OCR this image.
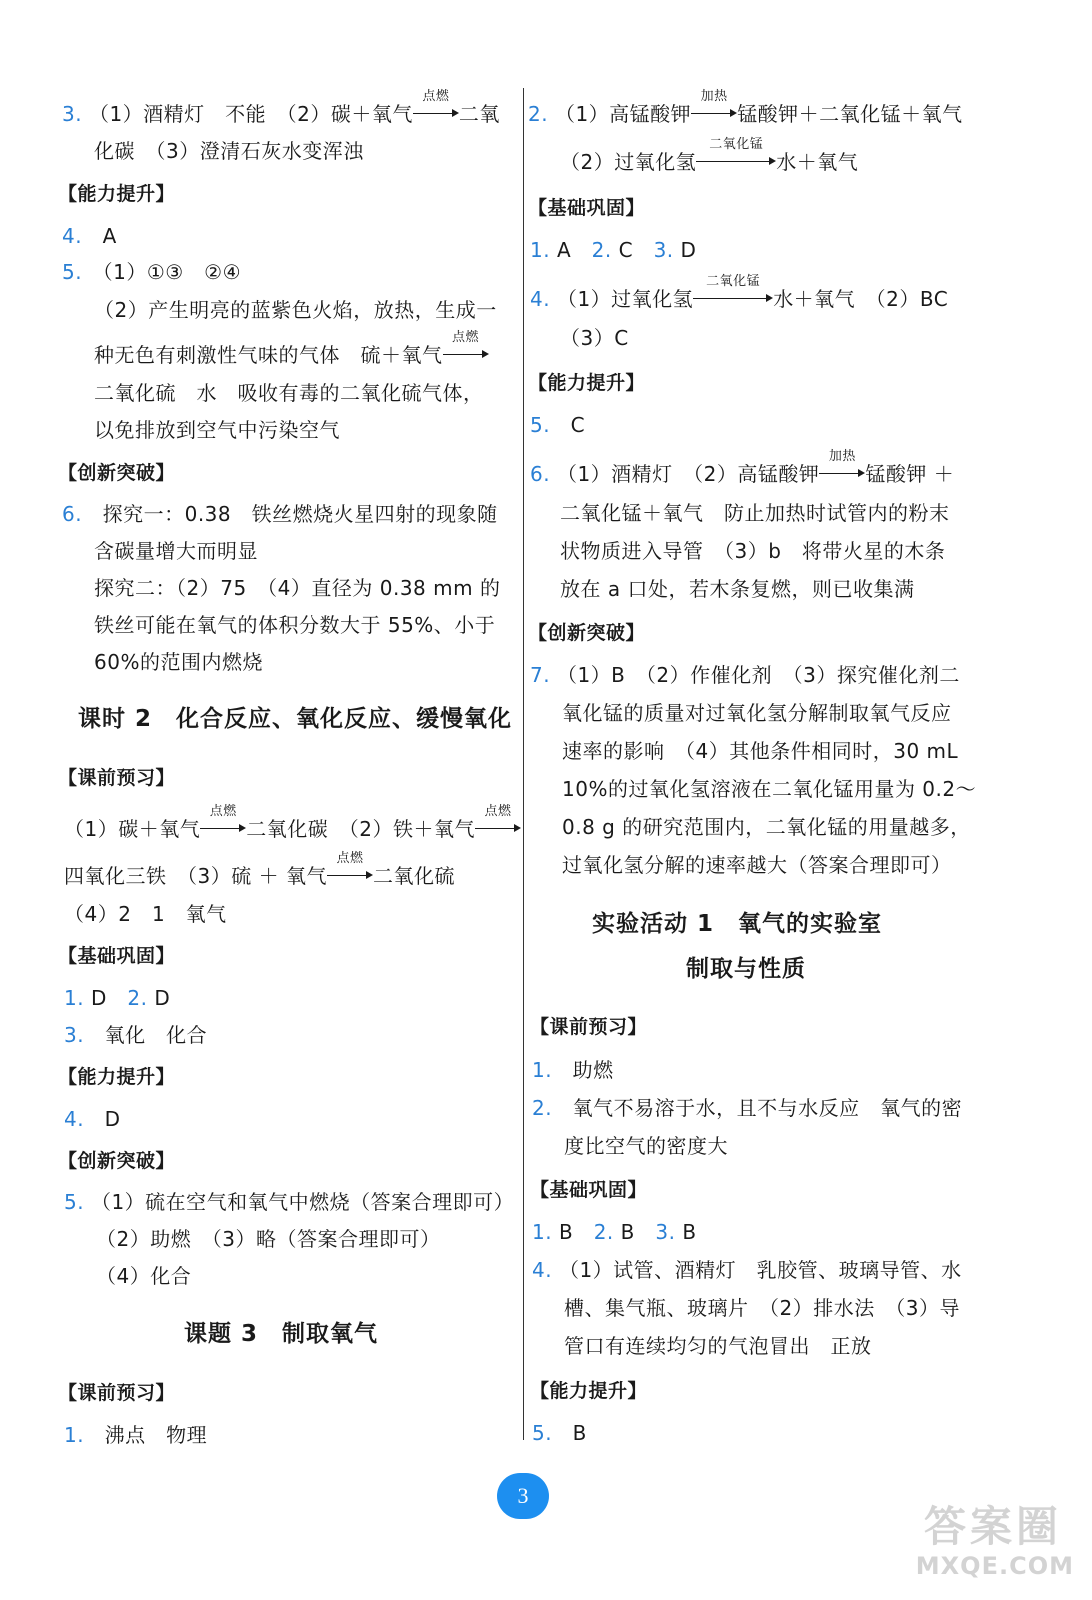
3. （1）酒精灯　不能　（2）碳＋氧气
点燃
二氧
化碳　（3）澄清石灰水变浑浊
【能力提升】
4.　 A
5.　 （1）①③　②④
（2）产生明亮的蓝紫色火焰，放热，生成一
种无色有刺激性气味的气体　硫＋氧气
点燃
二氧化硫　水　吸收有毒的二氧化硫气体，
以免排放到空气中污染空气
【创新突破】
6.　 探究一：0.38　铁丝燃烧火星四射的现象随
含碳量增大而明显
探究二：（2）75　（4）直径为 0.38 mm 的
铁丝可能在氧气的体积分数大于 55%、小于
60%的范围内燃烧
课时 2　化合反应、氧化反应、缓慢氧化
【课前预习】
（1）碳＋氧气
点燃
二氧化碳　（2）铁＋氧气
点燃
四氧化三铁　（3）硫 ＋ 氧气
点燃
二氧化硫
（4）2　1　氧气
【基础巩固】
1. D　 2. D
3.　 氧化　化合
【能力提升】
4.　 D
【创新突破】
5. （1）硫在空气和氧气中燃烧（答案合理即可）
（2）助燃　（3）略（答案合理即可）
（4）化合
课题 3　制取氧气
【课前预习】
1.　 沸点　物理
2. （1）高锰酸钾
加热
锰酸钾＋二氧化锰＋氧气
（2）过氧化氢
二氧化锰
水＋氧气
【基础巩固】
1. A　 2. C　 3. D
4. （1）过氧化氢
二氧化锰
水＋氧气　（2）BC
（3）C
【能力提升】
5.　 C
6. （1）酒精灯　（2）高锰酸钾
加热
锰酸钾 ＋
二氧化锰＋氧气　防止加热时试管内的粉末
状物质进入导管　（3）b　将带火星的木条
放在 a 口处，若木条复燃，则已收集满
【创新突破】
7. （1）B　（2）作催化剂　（3）探究催化剂二
氧化锰的质量对过氧化氢分解制取氧气反应
速率的影响　（4）其他条件相同时，30 mL
10%的过氧化氢溶液在二氧化锰用量为 0.2～
0.8 g 的研究范围内，二氧化锰的用量越多，
过氧化氢分解的速率越大（答案合理即可）
实验活动 1　氧气的实验室
制取与性质
【课前预习】
1.　 助燃
2.　 氧气不易溶于水，且不与水反应　氧气的密
度比空气的密度大
【基础巩固】
1. B　 2. B　 3. B
4. （1）试管、酒精灯　乳胶管、玻璃导管、水
槽、集气瓶、玻璃片　（2）排水法　（3）导
管口有连续均匀的气泡冒出　正放
【能力提升】
5.　 B
3
答案圈
MXQE.COM
